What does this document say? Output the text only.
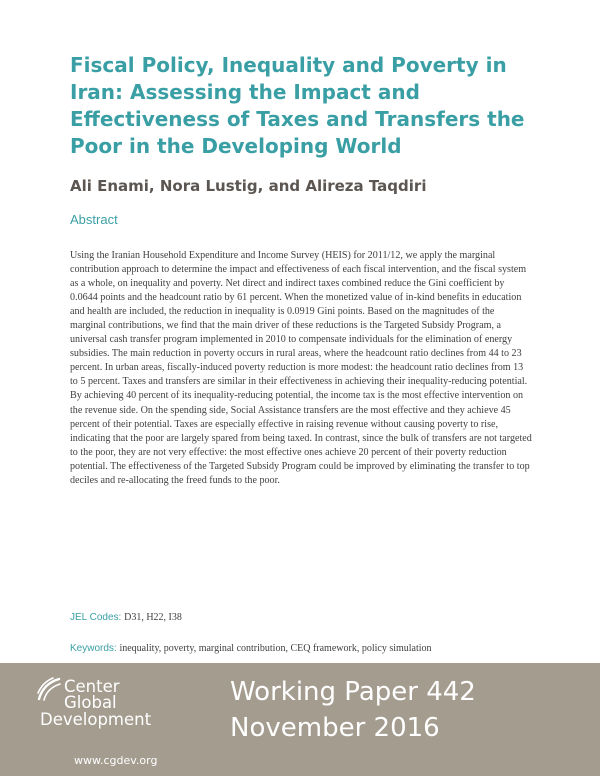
Fiscal Policy, Inequality and Poverty in Iran: Assessing the Impact and Effectiveness of Taxes and Transfers the Poor in the Developing World

Ali Enami, Nora Lustig, and Alireza Taqdiri

Abstract

Using the Iranian Household Expenditure and Income Survey (HEIS) for 2011/12, we apply the marginal contribution approach to determine the impact and effectiveness of each fiscal intervention, and the fiscal system as a whole, on inequality and poverty. Net direct and indirect taxes combined reduce the Gini coefficient by 0.0644 points and the headcount ratio by 61 percent. When the monetized value of in-kind benefits in education and health are included, the reduction in inequality is 0.0919 Gini points. Based on the magnitudes of the marginal contributions, we find that the main driver of these reductions is the Targeted Subsidy Program, a universal cash transfer program implemented in 2010 to compensate individuals for the elimination of energy subsidies. The main reduction in poverty occurs in rural areas, where the headcount ratio declines from 44 to 23 percent. In urban areas, fiscally-induced poverty reduction is more modest: the headcount ratio declines from 13 to 5 percent. Taxes and transfers are similar in their effectiveness in achieving their inequality-reducing potential. By achieving 40 percent of its inequality-reducing potential, the income tax is the most effective intervention on the revenue side. On the spending side, Social Assistance transfers are the most effective and they achieve 45 percent of their potential. Taxes are especially effective in raising revenue without causing poverty to rise, indicating that the poor are largely spared from being taxed. In contrast, since the bulk of transfers are not targeted to the poor, they are not very effective: the most effective ones achieve 20 percent of their poverty reduction potential. The effectiveness of the Targeted Subsidy Program could be improved by eliminating the transfer to top deciles and re-allocating the freed funds to the poor.

JEL Codes: D31, H22, I38

Keywords: inequality, poverty, marginal contribution, CEQ framework, policy simulation

Center
Global
Development
www.cgdev.org
Working Paper 442
November 2016
